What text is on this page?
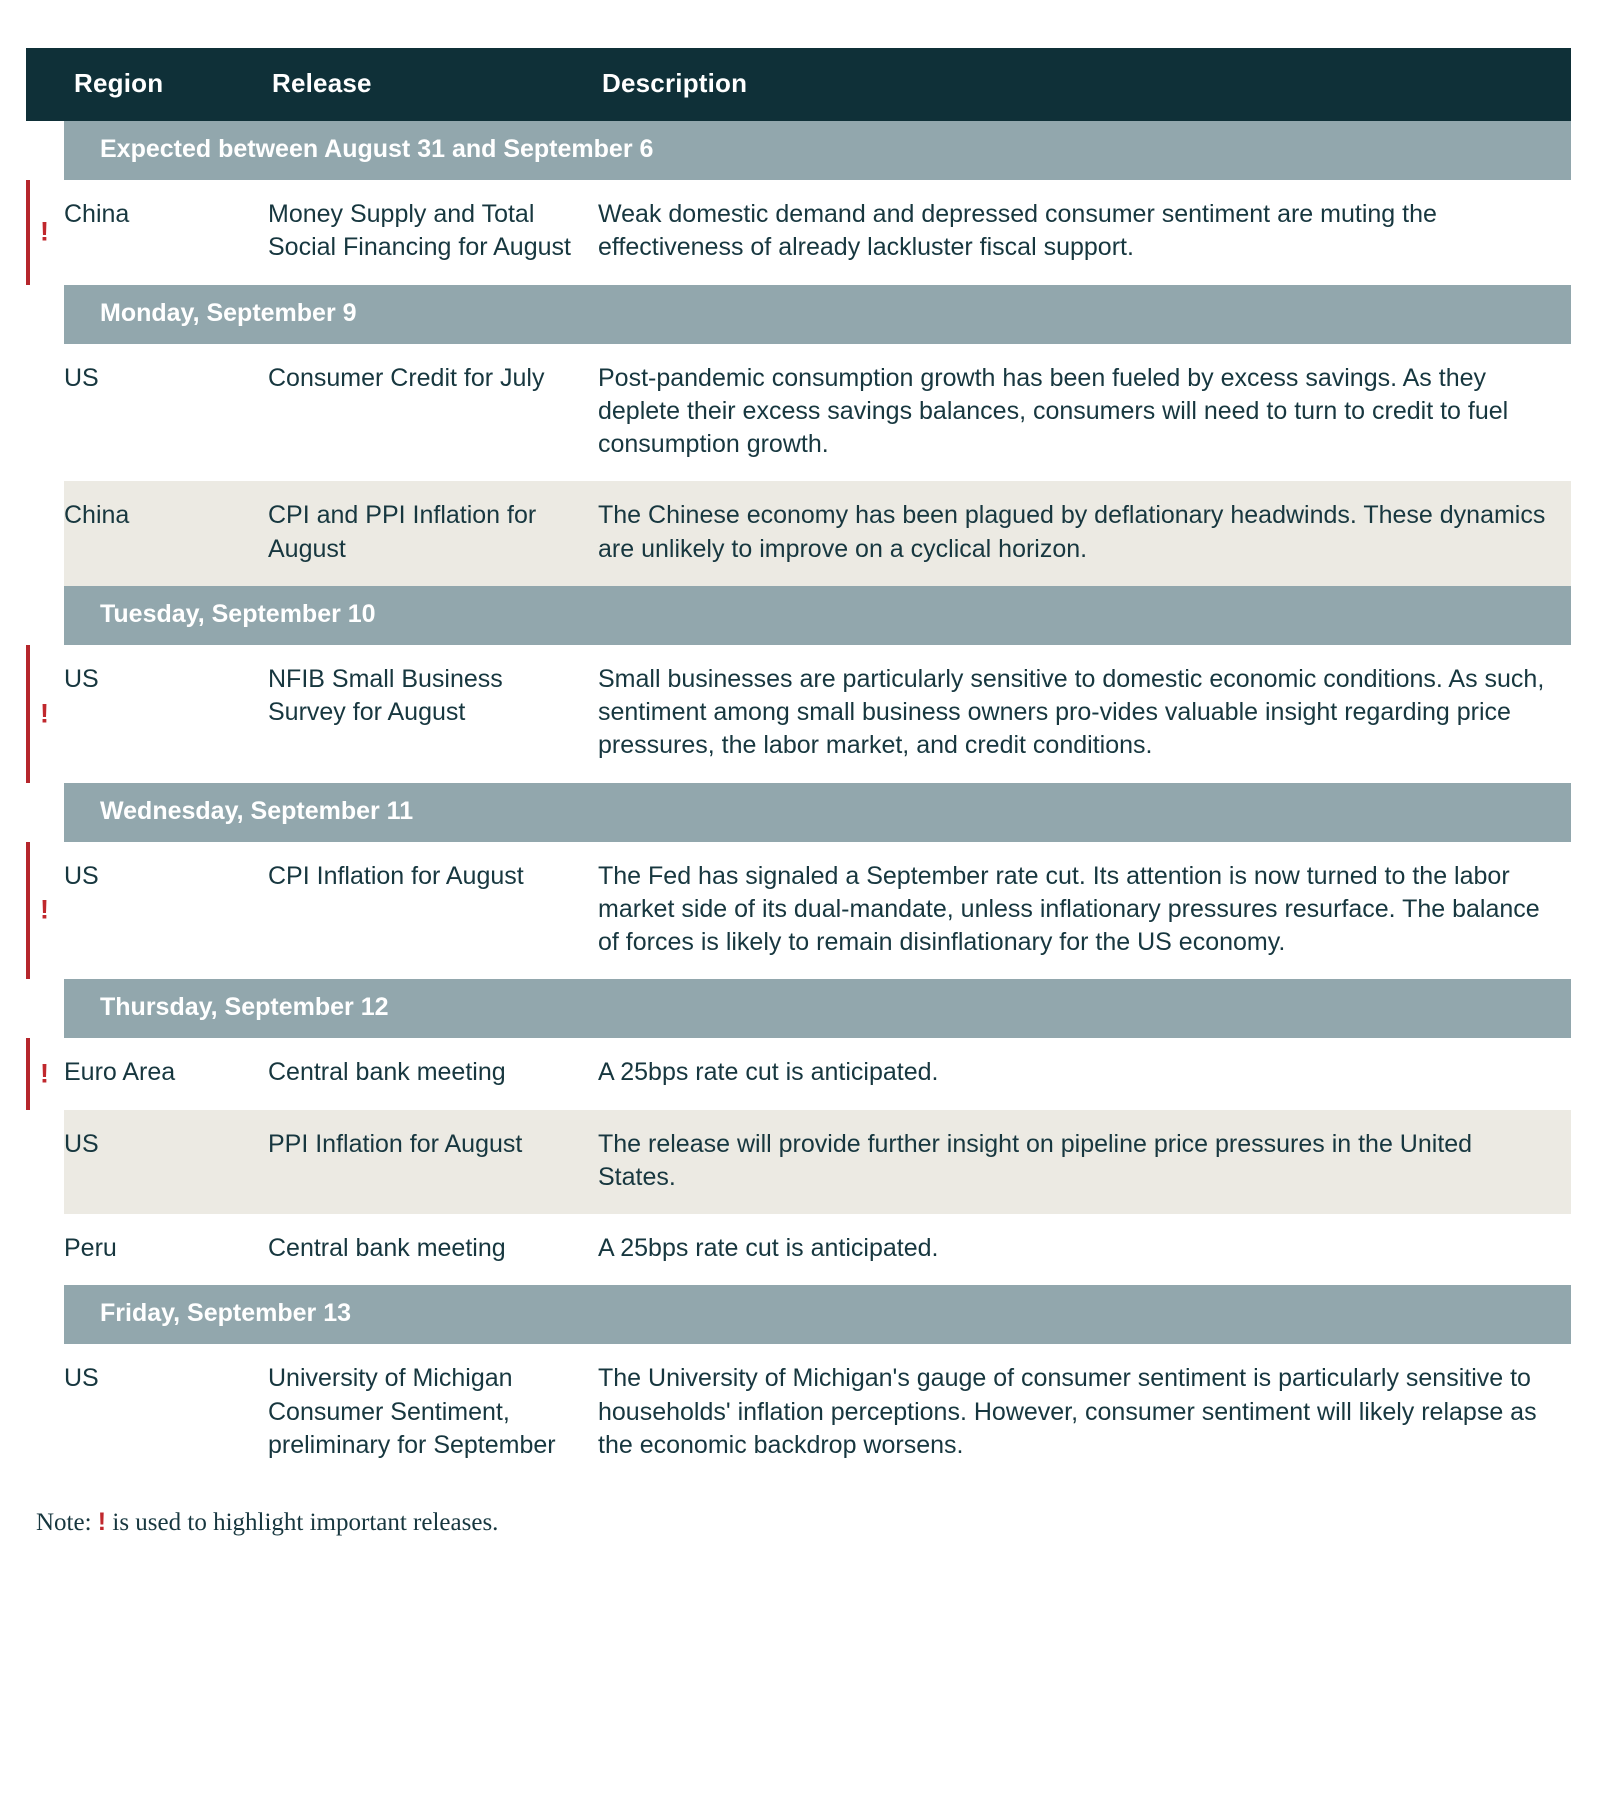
	Region	Release	Description
	Expected between August 31 and September 6		

!	China	Money Supply and Total Social Financing for August	Weak domestic demand and depressed consumer sentiment are muting the effectiveness of already lackluster fiscal support.
	Monday, September 9		
	US	Consumer Credit for July	Post-pandemic consumption growth has been fueled by excess savings. As they deplete their excess savings balances, consumers will need to turn to credit to fuel consumption growth.
	China	CPI and PPI Inflation for August	The Chinese economy has been plagued by deflationary headwinds. These dynamics are unlikely to improve on a cyclical horizon.
	Tuesday, September 10		

!	US	NFIB Small Business Survey for August	Small businesses are particularly sensitive to domestic economic conditions. As such, sentiment among small business owners pro-vides valuable insight regarding price pressures, the labor market, and credit conditions.
	Wednesday, September 11		

!	US	CPI Inflation for August	The Fed has signaled a September rate cut. Its attention is now turned to the labor market side of its dual-mandate, unless inflationary pressures resurface. The balance of forces is likely to remain disinflationary for the US economy.
	Thursday, September 12		

!	Euro Area	Central bank meeting	A 25bps rate cut is anticipated.
	US	PPI Inflation for August	The release will provide further insight on pipeline price pressures in the United States.
	Peru	Central bank meeting	A 25bps rate cut is anticipated.
	Friday, September 13		
	US	University of Michigan Consumer Sentiment, preliminary for September	The University of Michigan's gauge of consumer sentiment is particularly sensitive to households' inflation perceptions. However, consumer sentiment will likely relapse as the economic backdrop worsens.
Note: ! is used to highlight important releases.
